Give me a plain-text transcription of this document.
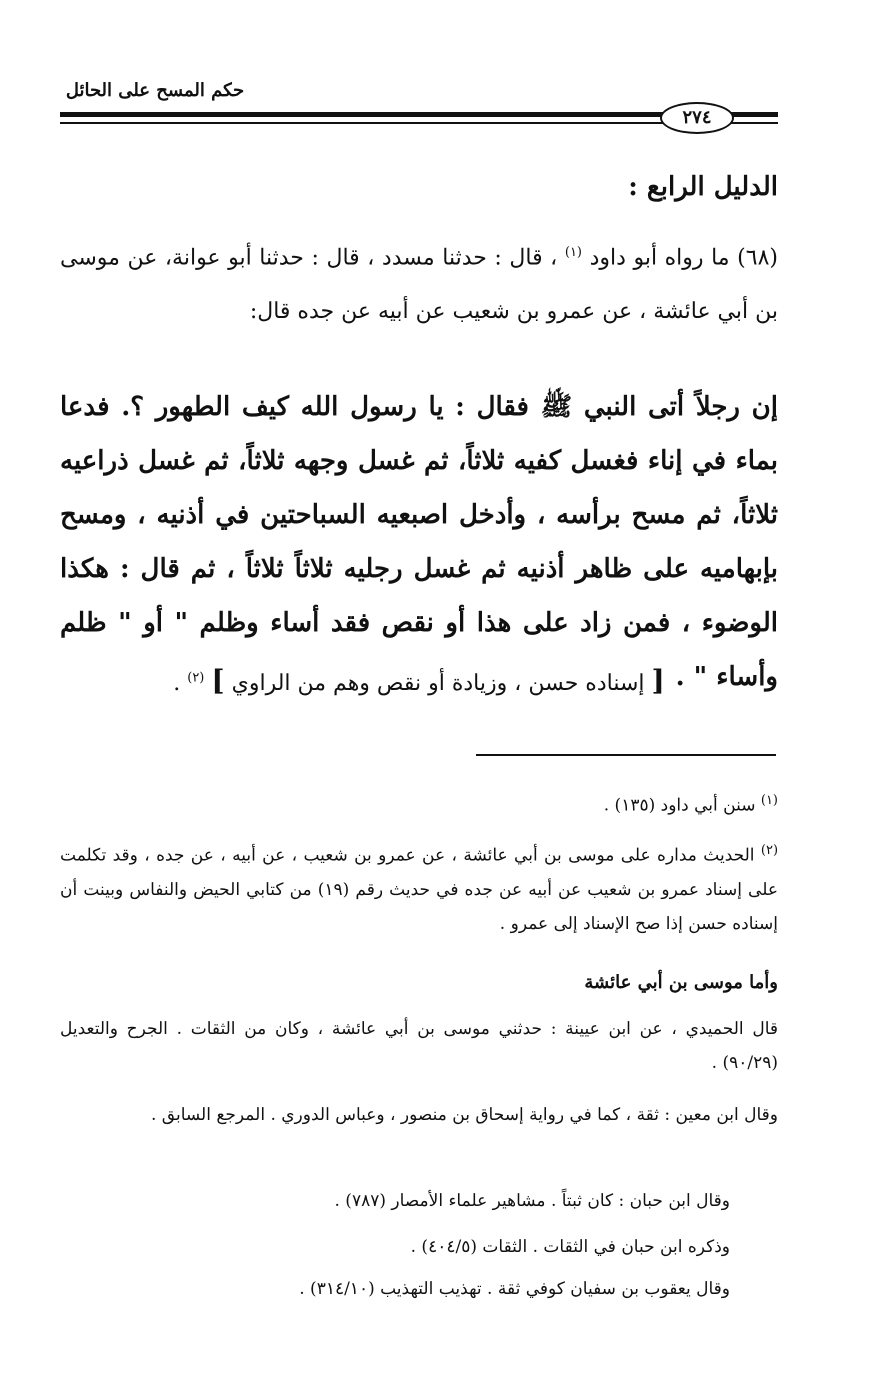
حكم المسح على الحائل
٢٧٤
الدليل الرابع :
(٦٨) ما رواه أبو داود $^{(١)}$ ، قال : حدثنا مسدد ، قال : حدثنا أبو عوانة، عن موسى بن أبي عائشة ، عن عمرو بن شعيب عن أبيه عن جده قال:
إن رجلاً أتى النبي ﷺ فقال : يا رسول الله كيف الطهور ؟. فدعا بماء في إناء فغسل كفيه ثلاثاً، ثم غسل وجهه ثلاثاً، ثم غسل ذراعيه ثلاثاً، ثم مسح برأسه ، وأدخل اصبعيه السباحتين في أذنيه ، ومسح بإبهاميه على ظاهر أذنيه ثم غسل رجليه ثلاثاً ثلاثاً ، ثم قال : هكذا الوضوء ، فمن زاد على هذا أو نقص فقد أساء وظلم " أو " ظلم وأساء " .
[ إسناده حسن ، وزيادة أو نقص وهم من الراوي ] $^{(٢)}$ .
$^{(١)}$ سنن أبي داود (١٣٥) .
$^{(٢)}$ الحديث مداره على موسى بن أبي عائشة ، عن عمرو بن شعيب ، عن أبيه ، عن جده ، وقد تكلمت على إسناد عمرو بن شعيب عن أبيه عن جده في حديث رقم (١٩) من كتابي الحيض والنفاس وبينت أن إسناده حسن إذا صح الإسناد إلى عمرو .
وأما موسى بن أبي عائشة
قال الحميدي ، عن ابن عيينة : حدثني موسى بن أبي عائشة ، وكان من الثقات . الجرح والتعديل (٩٠/٢٩) .
وقال ابن معين : ثقة ، كما في رواية إسحاق بن منصور ، وعباس الدوري . المرجع السابق .
وقال ابن حبان : كان ثبتاً . مشاهير علماء الأمصار (٧٨٧) .
وذكره ابن حبان في الثقات . الثقات (٤٠٤/٥) .
وقال يعقوب بن سفيان كوفي ثقة . تهذيب التهذيب (٣١٤/١٠) .
